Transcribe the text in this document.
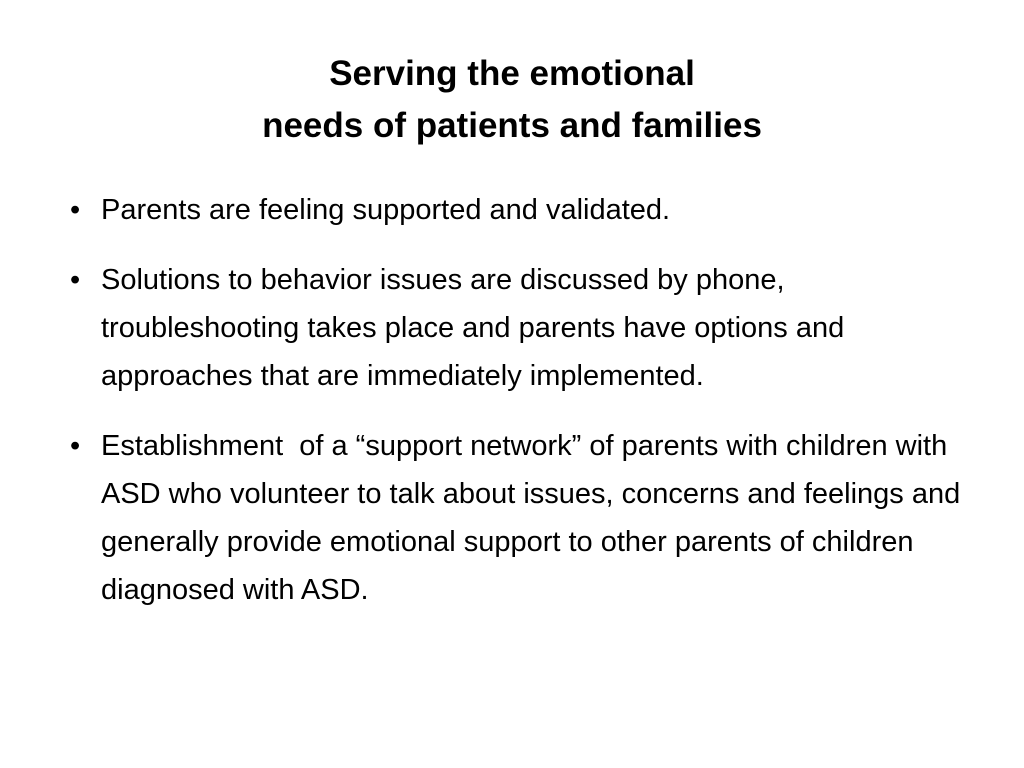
Serving the emotional
needs of patients and families
• Parents are feeling supported and validated.
• Solutions to behavior issues are discussed by phone, troubleshooting takes place and parents have options and approaches that are immediately implemented.
• Establishment  of a “support network” of parents with children with ASD who volunteer to talk about issues, concerns and feelings and generally provide emotional support to other parents of children diagnosed with ASD.
